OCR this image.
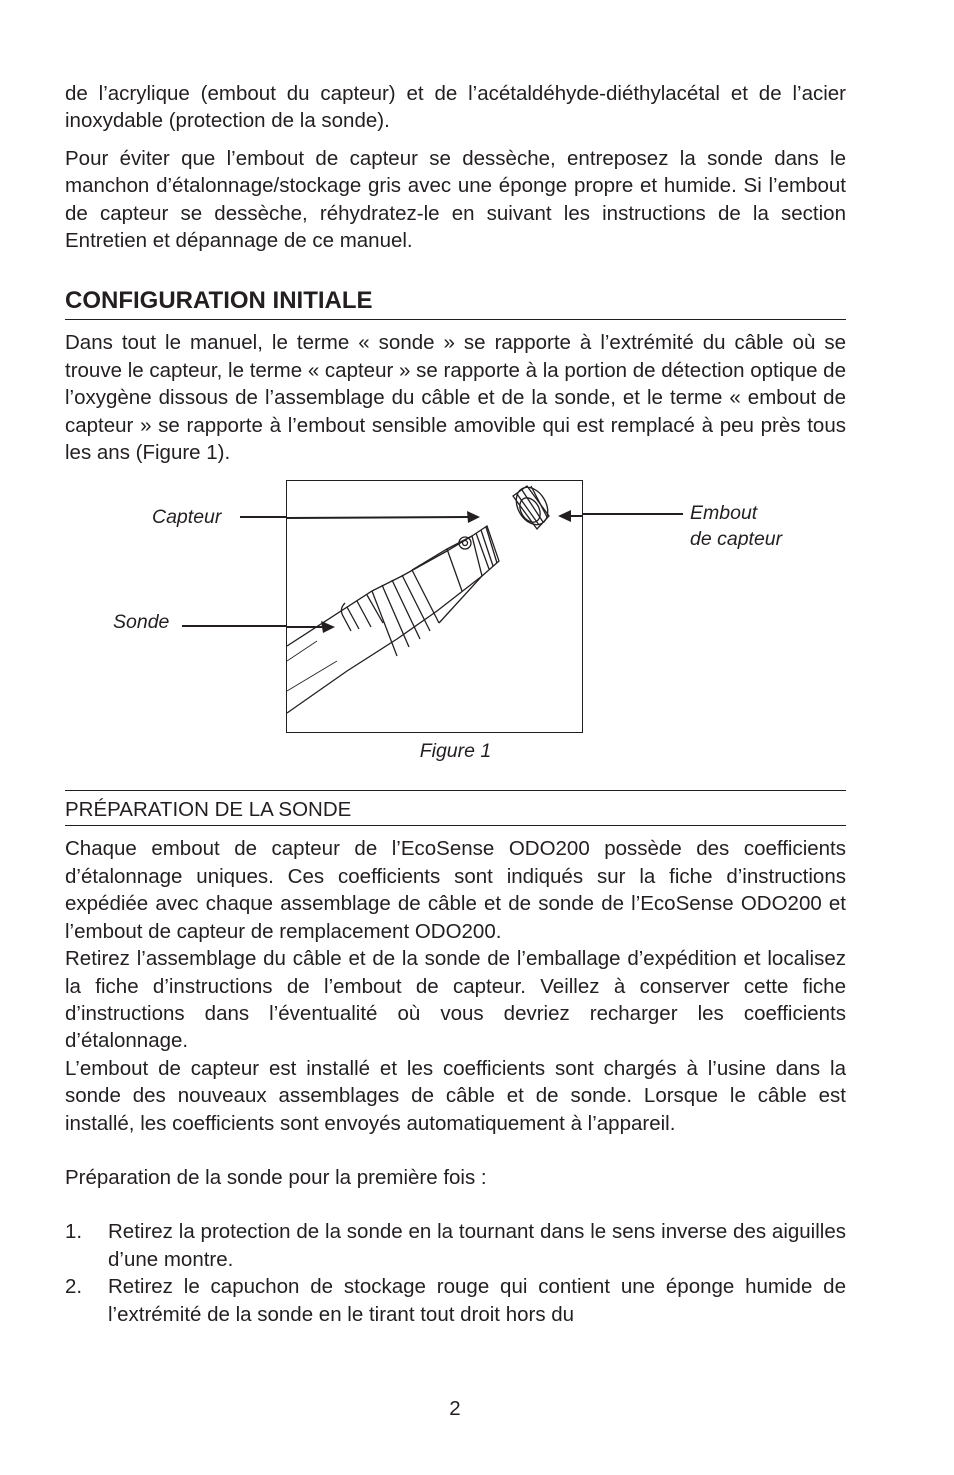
de l’acrylique (embout du capteur) et de l’acétaldéhyde-diéthylacétal et de l’acier inoxydable (protection de la sonde).

Pour éviter que l’embout de capteur se dessèche, entreposez la sonde dans le manchon d’étalonnage/stockage gris avec une éponge propre et humide. Si l’embout de capteur se dessèche, réhydratez-le en suivant les instructions de la section Entretien et dépannage de ce manuel.

CONFIGURATION INITIALE

Dans tout le manuel, le terme « sonde » se rapporte à l’extrémité du câble où se trouve le capteur, le terme « capteur » se rapporte à la portion de détection optique de l’oxygène dissous de l’assemblage du câble et de la sonde, et le terme « embout de capteur » se rapporte à l’embout sensible amovible qui est remplacé à peu près tous les ans (Figure 1).

Capteur
Sonde
Embout
de capteur
Figure 1
PRÉPARATION DE LA SONDE

Chaque embout de capteur de l’EcoSense ODO200 possède des coefficients d’étalonnage uniques. Ces coefficients sont indiqués sur la fiche d’instructions expédiée avec chaque assemblage de câble et de sonde de l’EcoSense ODO200 et l’embout de capteur de remplacement ODO200.

Retirez l’assemblage du câble et de la sonde de l’emballage d’expédition et localisez la fiche d’instructions de l’embout de capteur. Veillez à conserver cette fiche d’instructions dans l’éventualité où vous devriez recharger les coefficients d’étalonnage.

L’embout de capteur est installé et les coefficients sont chargés à l’usine dans la sonde des nouveaux assemblages de câble et de sonde. Lorsque le câble est installé, les coefficients sont envoyés automatiquement à l’appareil.

Préparation de la sonde pour la première fois :

1. Retirez la protection de la sonde en la tournant dans le sens inverse des aiguilles d’une montre.
2. Retirez le capuchon de stockage rouge qui contient une éponge humide de l’extrémité de la sonde en le tirant tout droit hors du
2
